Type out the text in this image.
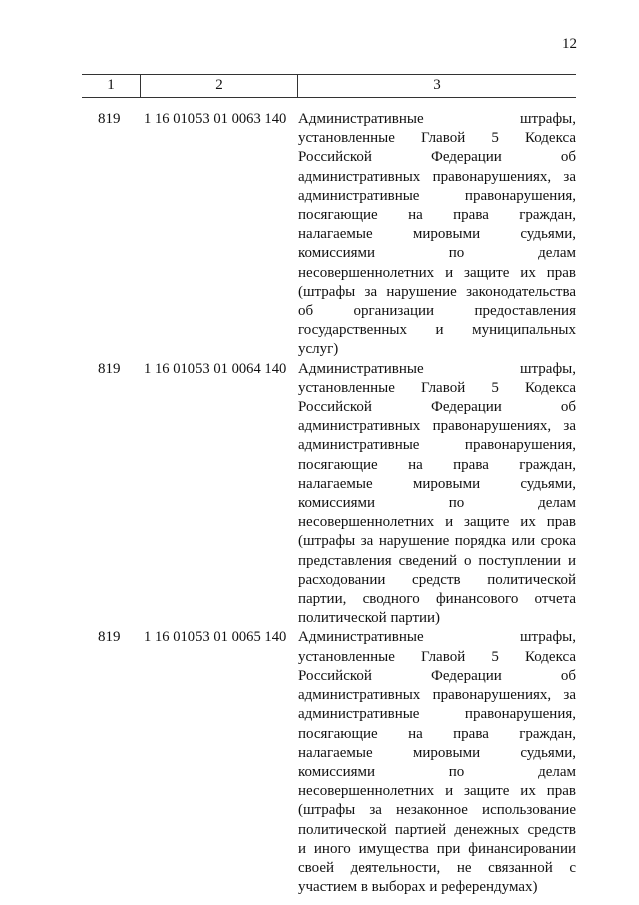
12
1	2	3
819	1 16 01053 01 0063 140 Административные штрафы,
установленные Главой 5 Кодекса
Российской Федерации об
административных правонарушениях, за
административные правонарушения,
посягающие на права граждан,
налагаемые мировыми судьями,
комиссиями по делам
несовершеннолетних и защите их прав
(штрафы за нарушение законодательства
об организации предоставления
государственных и муниципальных
услуг)
819	1 16 01053 01 0064 140 Административные штрафы,
установленные Главой 5 Кодекса
Российской Федерации об
административных правонарушениях, за
административные правонарушения,
посягающие на права граждан,
налагаемые мировыми судьями,
комиссиями по делам
несовершеннолетних и защите их прав
(штрафы за нарушение порядка или срока
представления сведений о поступлении и
расходовании средств политической
партии, сводного финансового отчета
политической партии)
819	1 16 01053 01 0065 140 Административные штрафы,
установленные Главой 5 Кодекса
Российской Федерации об
административных правонарушениях, за
административные правонарушения,
посягающие на права граждан,
налагаемые мировыми судьями,
комиссиями по делам
несовершеннолетних и защите их прав
(штрафы за незаконное использование
политической партией денежных средств
и иного имущества при финансировании
своей деятельности, не связанной с
участием в выборах и референдумах)
